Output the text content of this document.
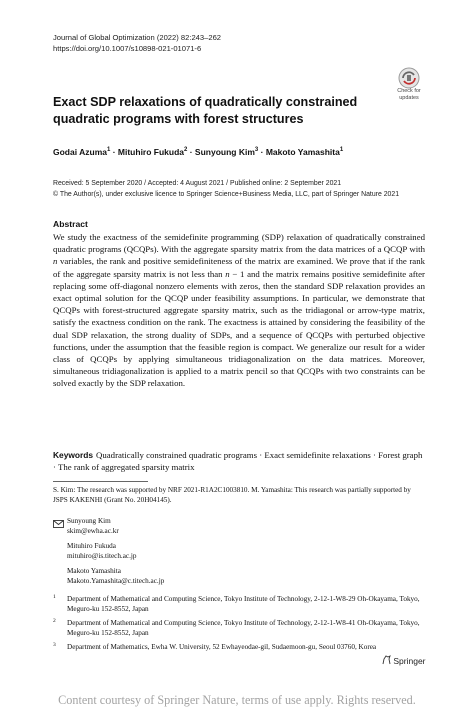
Journal of Global Optimization (2022) 82:243–262
https://doi.org/10.1007/s10898-021-01071-6
Check for
updates
Exact SDP relaxations of quadratically constrained quadratic programs with forest structures
Godai Azuma$^1$ · Mituhiro Fukuda$^2$ · Sunyoung Kim$^3$ · Makoto Yamashita$^1$
Received: 5 September 2020 / Accepted: 4 August 2021 / Published online: 2 September 2021
© The Author(s), under exclusive licence to Springer Science+Business Media, LLC, part of Springer Nature 2021
Abstract
We study the exactness of the semidefinite programming (SDP) relaxation of quadratically constrained quadratic programs (QCQPs). With the aggregate sparsity matrix from the data matrices of a QCQP with n variables, the rank and positive semidefiniteness of the matrix are examined. We prove that if the rank of the aggregate sparsity matrix is not less than n − 1 and the matrix remains positive semidefinite after replacing some off-diagonal nonzero elements with zeros, then the standard SDP relaxation provides an exact optimal solution for the QCQP under feasibility assumptions. In particular, we demonstrate that QCQPs with forest-structured aggregate sparsity matrix, such as the tridiagonal or arrow-type matrix, satisfy the exactness condition on the rank. The exactness is attained by considering the feasibility of the dual SDP relaxation, the strong duality of SDPs, and a sequence of QCQPs with perturbed objective functions, under the assumption that the feasible region is compact. We generalize our result for a wider class of QCQPs by applying simultaneous tridiagonalization on the data matrices. Moreover, simultaneous tridiagonalization is applied to a matrix pencil so that QCQPs with two constraints can be solved exactly by the SDP relaxation.
Keywords Quadratically constrained quadratic programs · Exact semidefinite relaxations · Forest graph · The rank of aggregated sparsity matrix
S. Kim: The research was supported by NRF 2021-R1A2C1003810. M. Yamashita: This research was partially supported by JSPS KAKENHI (Grant No. 20H04145).
Sunyoung Kim
skim@ewha.ac.kr
Mituhiro Fukuda
mituhiro@is.titech.ac.jp
Makoto Yamashita
Makoto.Yamashita@c.titech.ac.jp
1 Department of Mathematical and Computing Science, Tokyo Institute of Technology, 2-12-1-W8-29 Oh-Okayama, Tokyo, Meguro-ku 152-8552, Japan
2 Department of Mathematical and Computing Science, Tokyo Institute of Technology, 2-12-1-W8-41 Oh-Okayama, Tokyo, Meguro-ku 152-8552, Japan
3 Department of Mathematics, Ewha W. University, 52 Ewhayeodae-gil, Sudaemoon-gu, Seoul 03760, Korea
Springer
Content courtesy of Springer Nature, terms of use apply. Rights reserved.
